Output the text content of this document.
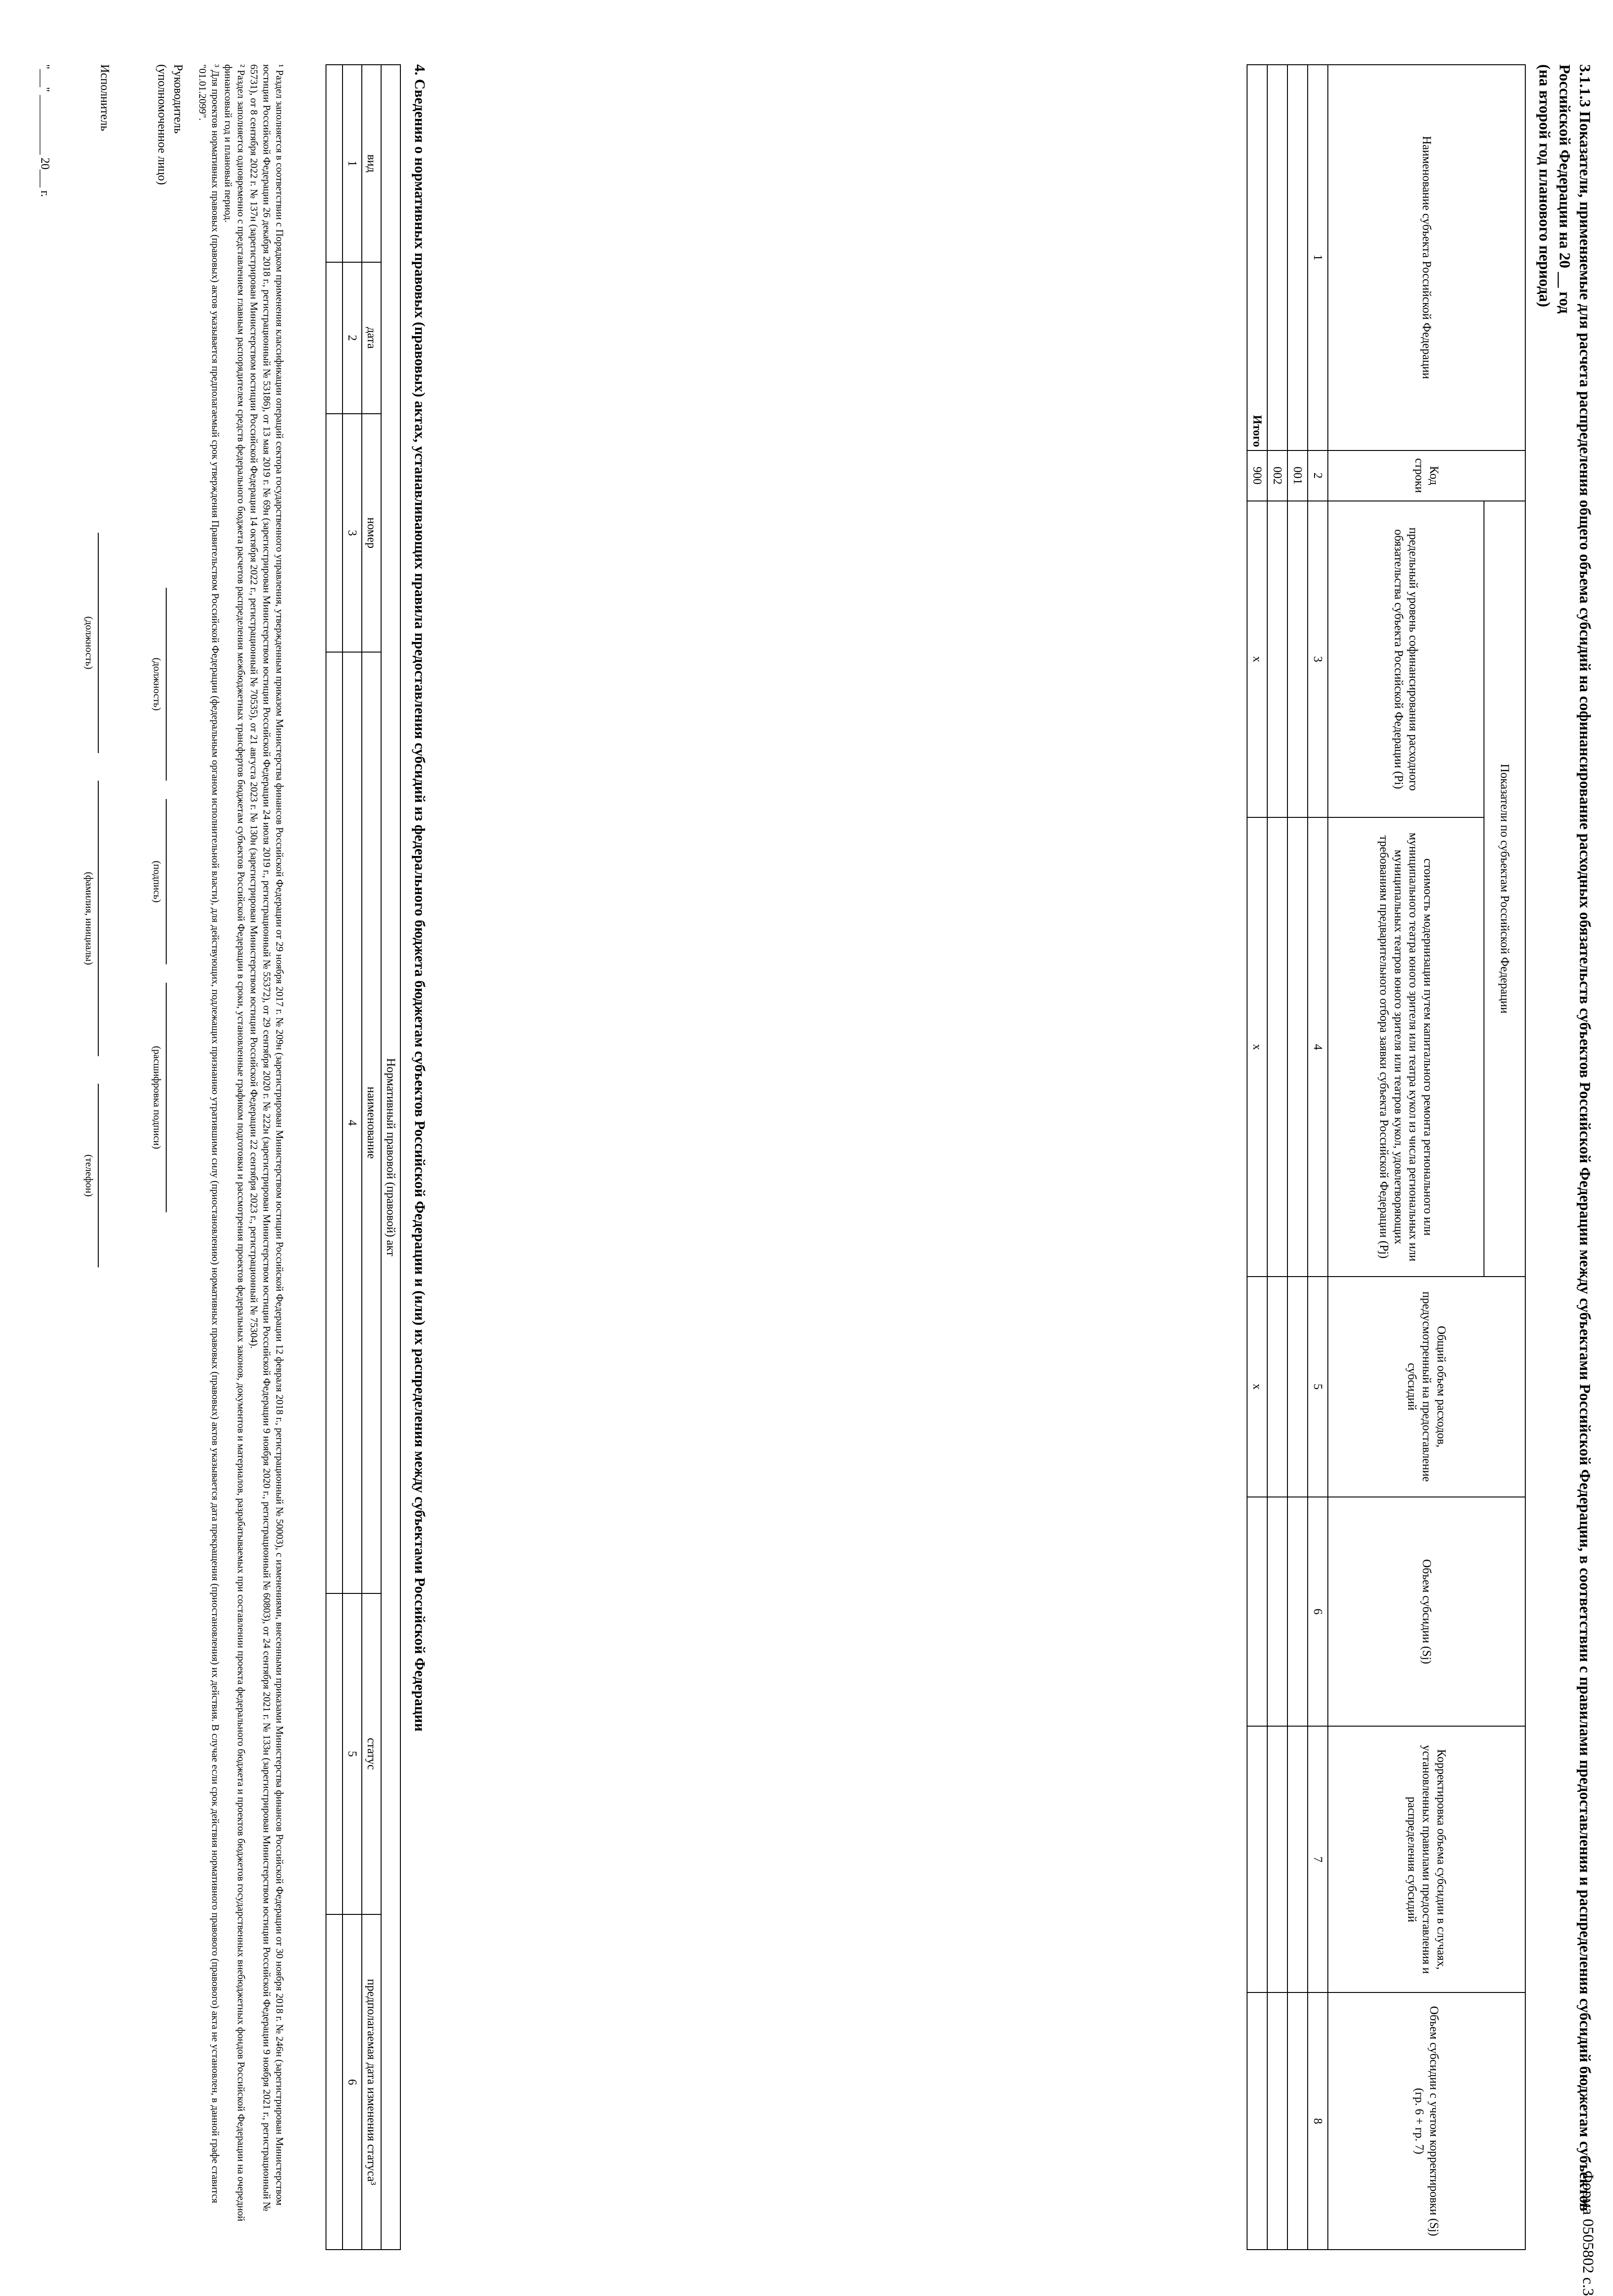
Форма 0505802 с.3
3.1.1.3 Показатели, применяемые для расчета распределения общего объема субсидий на софинансирование расходных обязательств субъектов Российской Федерации между субъектами Российской Федерации, в соответствии с правилами предоставления и распределения субсидий бюджетам субъектов Российской Федерации на 20 __ год
(на второй год планового периода)
Наименование субъекта Российской Федерации	Код строки	Показатели по субъектам Российской Федерации		Общий объем расходов, предусмотренный на предоставление субсидий	Объем субсидии (Sj)	Корректировка объема субсидии в случаях, установленных правилами предоставления и распределения субсидий	Объем субсидии с учетом корректировки (Sj) (гр. 6 + гр. 7)
		предельный уровень софинансирования расходного обязательства субъекта Российской Федерации (Pi)	стоимость модернизации путем капитального ремонта регионального или муниципального театра юного зрителя или театра кукол из числа региональных или муниципальных театров юного зрителя или театров кукол, удовлетворяющих требованиям предварительного отбора заявки субъекта Российской Федерации (Рj)				
1	2	3	4	5	6	7	8
	001						
	002						
Итого	900	x	x	x			
4. Сведения о нормативных правовых (правовых) актах, устанавливающих правила предоставления субсидий из федерального бюджета бюджетам субъектов Российской Федерации и (или) их распределения между субъектами Российской Федерации
Нормативный правовой (правовой) акт					
вид	дата	номер	наименование	статус	предполагаемая дата изменения статуса³
1	2	3	4	5	6

¹ Раздел заполняется в соответствии с Порядком применения классификации операций сектора государственного управления, утвержденным приказом Министерства финансов Российской Федерации от 29 ноября 2017 г. № 209н (зарегистрирован Министерством юстиции Российской Федерации 12 февраля 2018 г., регистрационный № 50003), с изменениями, внесенными приказами Министерства финансов Российской Федерации от 30 ноября 2018 г. № 246н (зарегистрирован Министерством юстиции Российской Федерации 26 декабря 2018 г., регистрационный № 53186), от 13 мая 2019 г. № 69н (зарегистрирован Министерством юстиции Российской Федерации 24 июля 2019 г., регистрационный № 55372), от 29 сентября 2020 г. № 222н (зарегистрирован Министерством юстиции Российской Федерации 9 ноября 2020 г., регистрационный № 60803), от 24 сентября 2021 г. № 133н (зарегистрирован Министерством юстиции Российской Федерации 9 ноября 2021 г., регистрационный № 65731), от 8 сентября 2022 г. № 137н (зарегистрирован Министерством юстиции Российской Федерации 14 октября 2022 г., регистрационный № 70535), от 21 августа 2023 г. № 130н (зарегистрирован Министерством юстиции Российской Федерации 22 сентября 2023 г., регистрационный № 75304).

² Раздел заполняется одновременно с представлением главным распорядителем средств федерального бюджета расчетов распределения межбюджетных трансфертов бюджетам субъектов Российской Федерации в сроки, установленные графиком подготовки и рассмотрения проектов федеральных законов, документов и материалов, разрабатываемых при составлении проекта федерального бюджета и проектов бюджетов государственных внебюджетных фондов Российской Федерации на очередной финансовый год и плановый период.

³ Для проектов нормативных правовых (правовых) актов указывается предполагаемый срок утверждения Правительством Российской Федерации (федеральным органом исполнительной власти), для действующих, подлежащих признанию утратившими силу (приостановлению) нормативных правовых (правовых) актов указывается дата прекращения (приостановления) их действия. В случае если срок действия нормативного правового (правового) акта не установлен, в данной графе ставится "01.01.2099".

Руководитель
(уполномоченное лицо)
(должность)
(подпись)
(расшифровка подписи)
Исполнитель
(должность)
(фамилия, инициалы)
(телефон)
"___" __________ 20___ г.
